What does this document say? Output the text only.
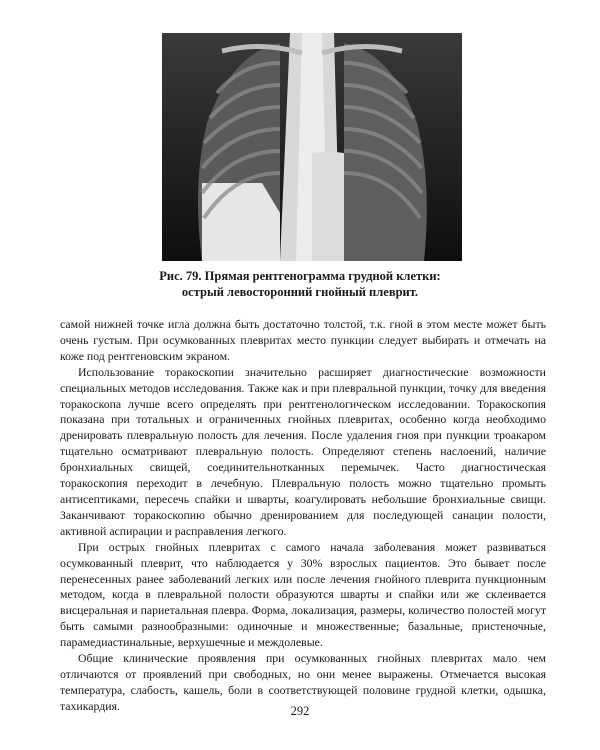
Рис. 79. Прямая рентгенограмма грудной клетки:
острый левосторонний гнойный плеврит.

самой нижней точке игла должна быть достаточно толстой, т.к. гной в этом месте может быть очень густым. При осумкованных плевритах место пункции следует выбирать и отмечать на коже под рентгеновским экраном.

Использование торакоскопии значительно расширяет диагностические возможности специальных методов исследования. Также как и при плевральной пункции, точку для введения торакоскопа лучше всего определять при рентгенологическом исследовании. Торакоскопия показана при тотальных и ограниченных гнойных плевритах, особенно когда необходимо дренировать плевральную полость для лечения. После удаления гноя при пункции троакаром тщательно осматривают плевральную полость. Определяют степень наслоений, наличие бронхиальных свищей, соединительнотканных перемычек. Часто диагностическая торакоскопия переходит в лечебную. Плевральную полость можно тщательно промыть антисептиками, пересечь спайки и шварты, коагулировать небольшие бронхиальные свищи. Заканчивают торакоскопию обычно дренированием для последующей санации полости, активной аспирации и расправления легкого.

При острых гнойных плевритах с самого начала заболевания может развиваться осумкованный плеврит, что наблюдается у 30% взрослых пациентов. Это бывает после перенесенных ранее заболеваний легких или после лечения гнойного плеврита пункционным методом, когда в плевральной полости образуются шварты и спайки или же склеивается висцеральная и париетальная плевра. Форма, локализация, размеры, количество полостей могут быть самыми разнообразными: одиночные и множественные; базальные, пристеночные, парамедиастинальные, верхушечные и междолевые.

Общие клинические проявления при осумкованных гнойных плевритах мало чем отличаются от проявлений при свободных, но они менее выражены. Отмечается высокая температура, слабость, кашель, боли в соответствующей половине грудной клетки, одышка, тахикардия.	292
